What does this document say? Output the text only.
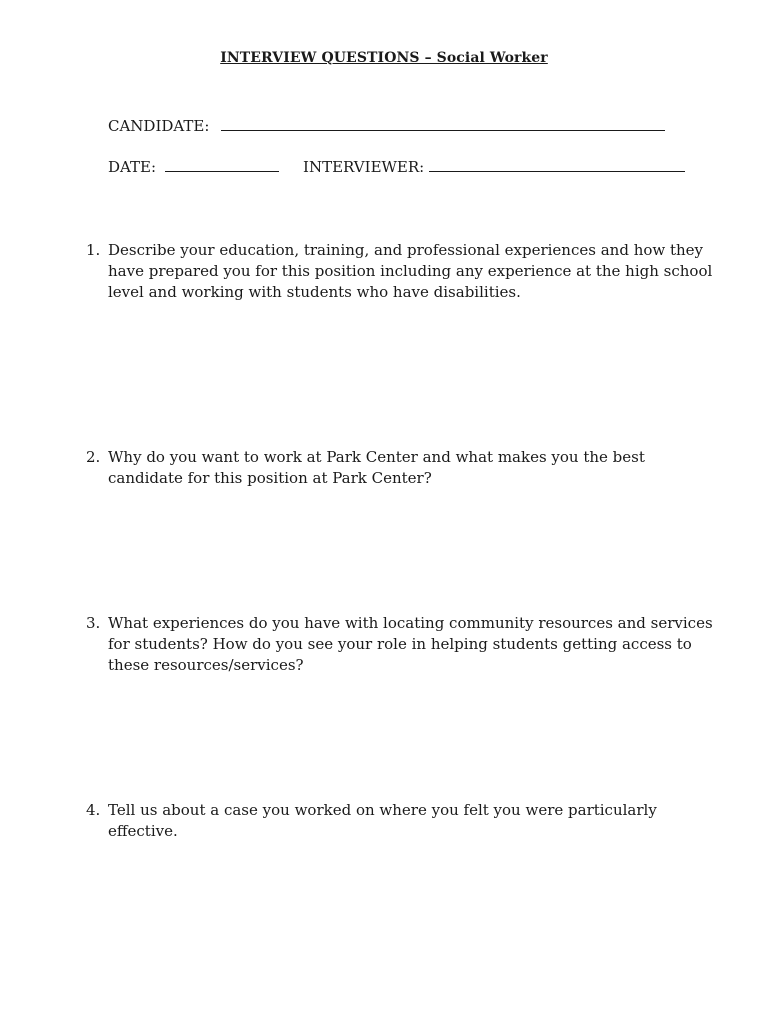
INTERVIEW QUESTIONS – Social Worker
CANDIDATE:
DATE:	INTERVIEWER:
1. Describe your education, training, and professional experiences and how they have prepared you for this position including any experience at the high school level and working with students who have disabilities.
2. Why do you want to work at Park Center and what makes you the best candidate for this position at Park Center?
3. What experiences do you have with locating community resources and services for students? How do you see your role in helping students getting access to these resources/services?
4. Tell us about a case you worked on where you felt you were particularly effective.
